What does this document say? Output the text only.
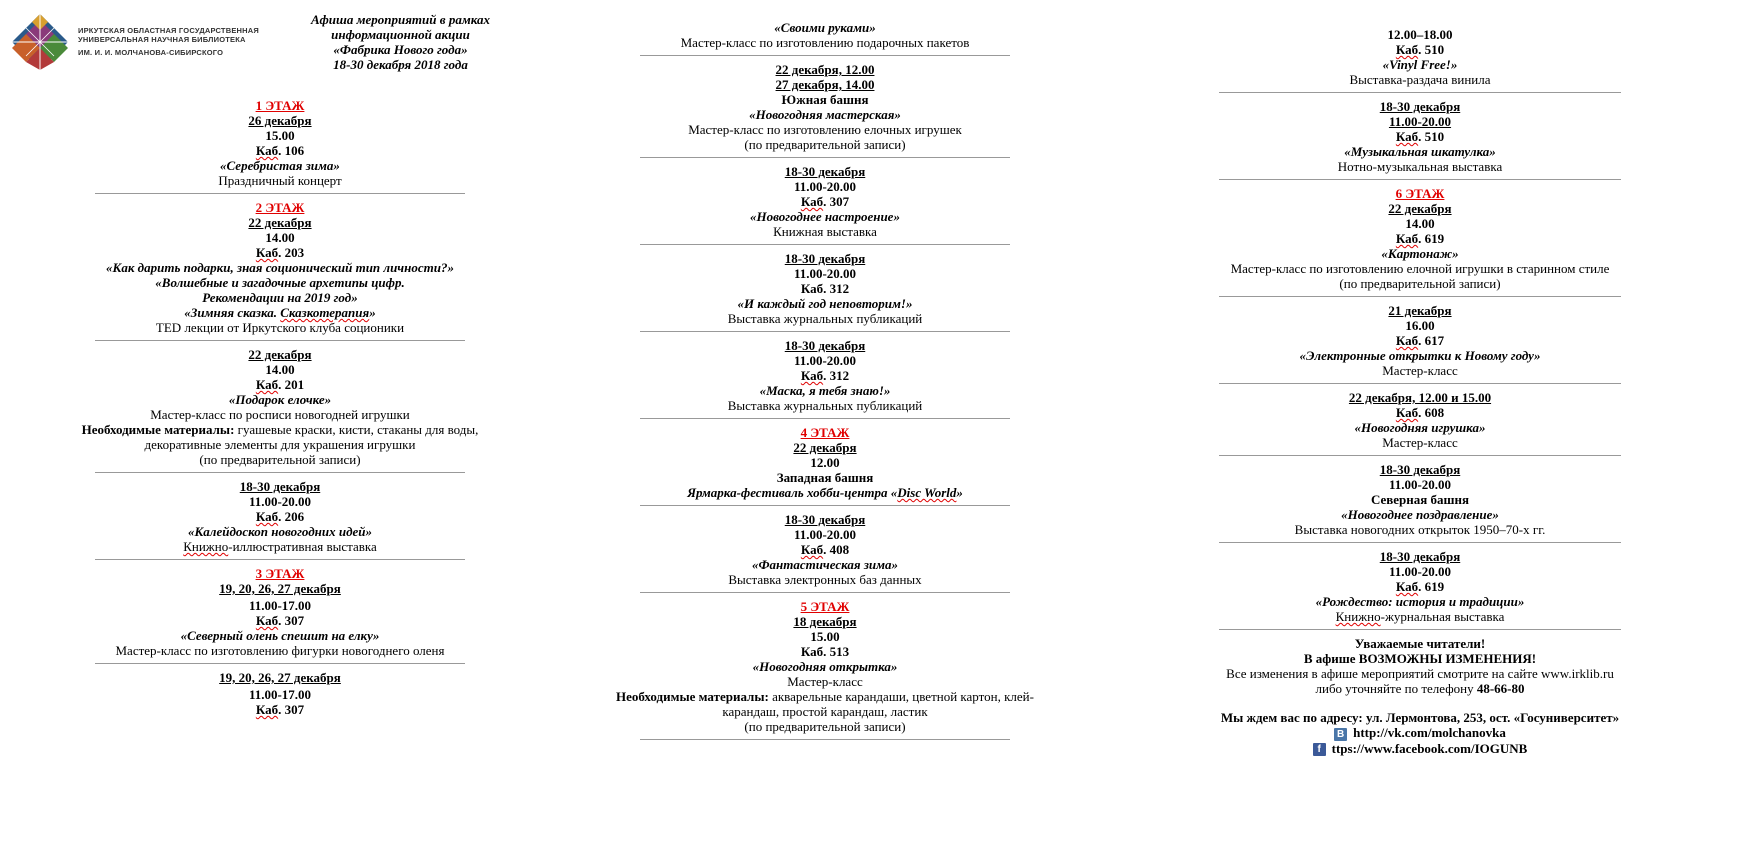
ИРКУТСКАЯ ОБЛАСТНАЯ ГОСУДАРСТВЕННАЯ
УНИВЕРСАЛЬНАЯ НАУЧНАЯ БИБЛИОТЕКА
ИМ. И. И. МОЛЧАНОВА-СИБИРСКОГО
Афиша мероприятий в рамках
информационной акции
«Фабрика Нового года»
18-30 декабря 2018 года
1 ЭТАЖ
26 декабря
15.00
Каб. 106
«Серебристая зима»
Праздничный концерт
2 ЭТАЖ
22 декабря
14.00
Каб. 203
«Как дарить подарки, зная соционический тип личности?»
«Волшебные и загадочные архетипы цифр.
Рекомендации на 2019 год»
«Зимняя сказка. Сказкотерапия»
TED лекции от Иркутского клуба соционики
22 декабря
14.00
Каб. 201
«Подарок елочке»
Мастер-класс по росписи новогодней игрушки
Необходимые материалы: гуашевые краски, кисти, стаканы для воды,
декоративные элементы для украшения игрушки
(по предварительной записи)
18-30 декабря
11.00-20.00
Каб. 206
«Калейдоскоп новогодних идей»
Книжно-иллюстративная выставка
3 ЭТАЖ
19, 20, 26, 27 декабря
11.00-17.00
Каб. 307
«Северный олень спешит на елку»
Мастер-класс по изготовлению фигурки новогоднего оленя
19, 20, 26, 27 декабря
11.00-17.00
Каб. 307
«Своими руками»
Мастер-класс по изготовлению подарочных пакетов
22 декабря, 12.00
27 декабря, 14.00
Южная башня
«Новогодняя мастерская»
Мастер-класс по изготовлению елочных игрушек
(по предварительной записи)
18-30 декабря
11.00-20.00
Каб. 307
«Новогоднее настроение»
Книжная выставка
18-30 декабря
11.00-20.00
Каб. 312
«И каждый год неповторим!»
Выставка журнальных публикаций
18-30 декабря
11.00-20.00
Каб. 312
«Маска, я тебя знаю!»
Выставка журнальных публикаций
4 ЭТАЖ
22 декабря
12.00
Западная башня
Ярмарка-фестиваль хобби-центра «Disc World»
18-30 декабря
11.00-20.00
Каб. 408
«Фантастическая зима»
Выставка электронных баз данных
5 ЭТАЖ
18 декабря
15.00
Каб. 513
«Новогодняя открытка»
Мастер-класс
Необходимые материалы: акварельные карандаши, цветной картон, клей-
карандаш, простой карандаш, ластик
(по предварительной записи)
12.00–18.00
Каб. 510
«Vinyl Free!»
Выставка-раздача винила
18-30 декабря
11.00-20.00
Каб. 510
«Музыкальная шкатулка»
Нотно-музыкальная выставка
6 ЭТАЖ
22 декабря
14.00
Каб. 619
«Картонаж»
Мастер-класс по изготовлению елочной игрушки в старинном стиле
(по предварительной записи)
21 декабря
16.00
Каб. 617
«Электронные открытки к Новому году»
Мастер-класс
22 декабря, 12.00 и 15.00
Каб. 608
«Новогодняя игрушка»
Мастер-класс
18-30 декабря
11.00-20.00
Северная башня
«Новогоднее поздравление»
Выставка новогодних открыток 1950–70-х гг.
18-30 декабря
11.00-20.00
Каб. 619
«Рождество: история и традиции»
Книжно-журнальная выставка
Уважаемые читатели!
В афише ВОЗМОЖНЫ ИЗМЕНЕНИЯ!
Все изменения в афише мероприятий смотрите на сайте www.irklib.ru
либо уточняйте по телефону 48-66-80
Мы ждем вас по адресу: ул. Лермонтова, 253, ост. «Госуниверситет»
В http://vk.com/molchanovka
f ttps://www.facebook.com/IOGUNB
